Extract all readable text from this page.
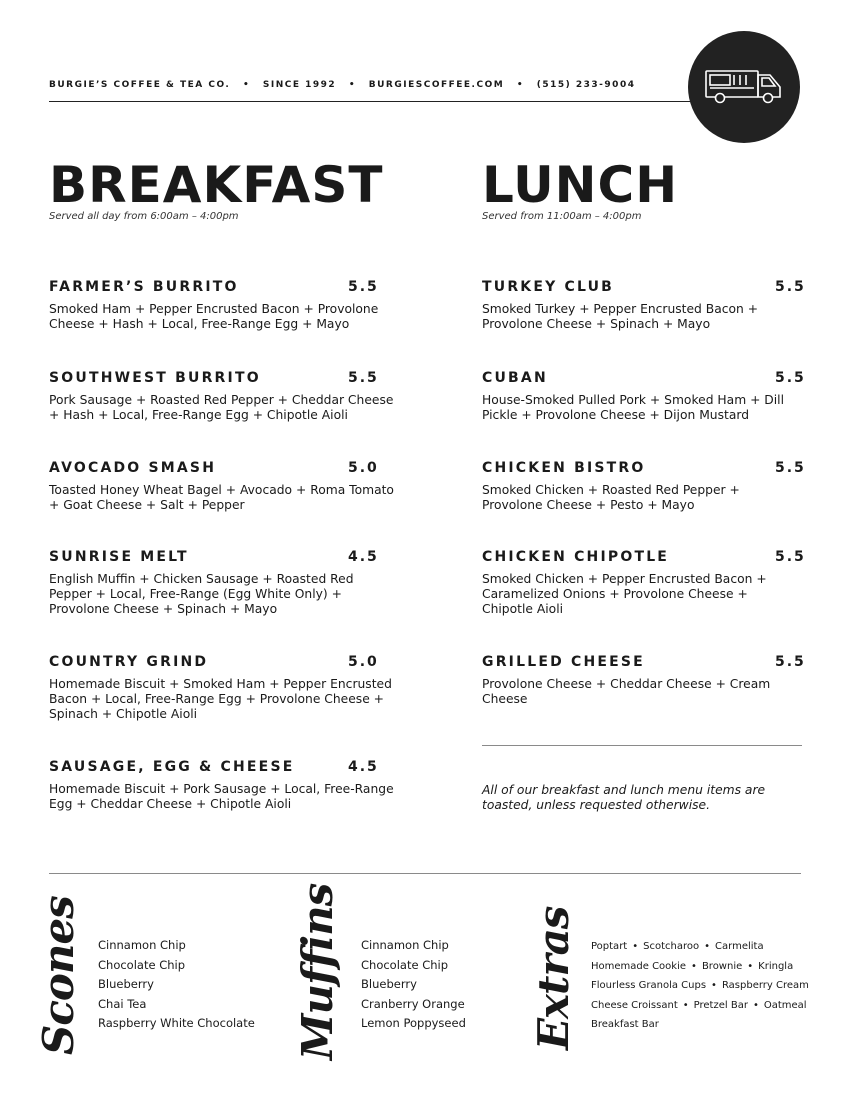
BURGIE’S COFFEE & TEA CO. • SINCE 1992 • BURGIESCOFFEE.COM • (515) 233-9004
BREAKFAST
Served all day from 6:00am – 4:00pm
FARMER’S BURRITO	5.5
Smoked Ham + Pepper Encrusted Bacon + Provolone Cheese + Hash + Local, Free-Range Egg + Mayo
SOUTHWEST BURRITO	5.5
Pork Sausage + Roasted Red Pepper + Cheddar Cheese + Hash + Local, Free-Range Egg + Chipotle Aioli
AVOCADO SMASH	5.0
Toasted Honey Wheat Bagel + Avocado + Roma Tomato + Goat Cheese + Salt + Pepper
SUNRISE MELT	4.5
English Muffin + Chicken Sausage + Roasted Red Pepper + Local, Free-Range (Egg White Only) + Provolone Cheese + Spinach + Mayo
COUNTRY GRIND	5.0
Homemade Biscuit + Smoked Ham + Pepper Encrusted Bacon + Local, Free-Range Egg + Provolone Cheese + Spinach + Chipotle Aioli
SAUSAGE, EGG & CHEESE	4.5
Homemade Biscuit + Pork Sausage + Local, Free-Range Egg + Cheddar Cheese + Chipotle Aioli
LUNCH
Served from 11:00am – 4:00pm
TURKEY CLUB	5.5
Smoked Turkey + Pepper Encrusted Bacon + Provolone Cheese + Spinach + Mayo
CUBAN	5.5
House-Smoked Pulled Pork + Smoked Ham + Dill Pickle + Provolone Cheese + Dijon Mustard
CHICKEN BISTRO	5.5
Smoked Chicken + Roasted Red Pepper + Provolone Cheese + Pesto + Mayo
CHICKEN CHIPOTLE	5.5
Smoked Chicken + Pepper Encrusted Bacon + Caramelized Onions + Provolone Cheese + Chipotle Aioli
GRILLED CHEESE	5.5
Provolone Cheese + Cheddar Cheese + Cream Cheese
All of our breakfast and lunch menu items are toasted, unless requested otherwise.
Scones Cinnamon Chip
Chocolate Chip
Blueberry
Chai Tea
Raspberry White Chocolate Muffins Cinnamon Chip
Chocolate Chip
Blueberry
Cranberry Orange
Lemon Poppyseed Extras Poptart • Scotcharoo • Carmelita
Homemade Cookie • Brownie • Kringla
Flourless Granola Cups • Raspberry Cream
Cheese Croissant • Pretzel Bar • Oatmeal
Breakfast Bar
